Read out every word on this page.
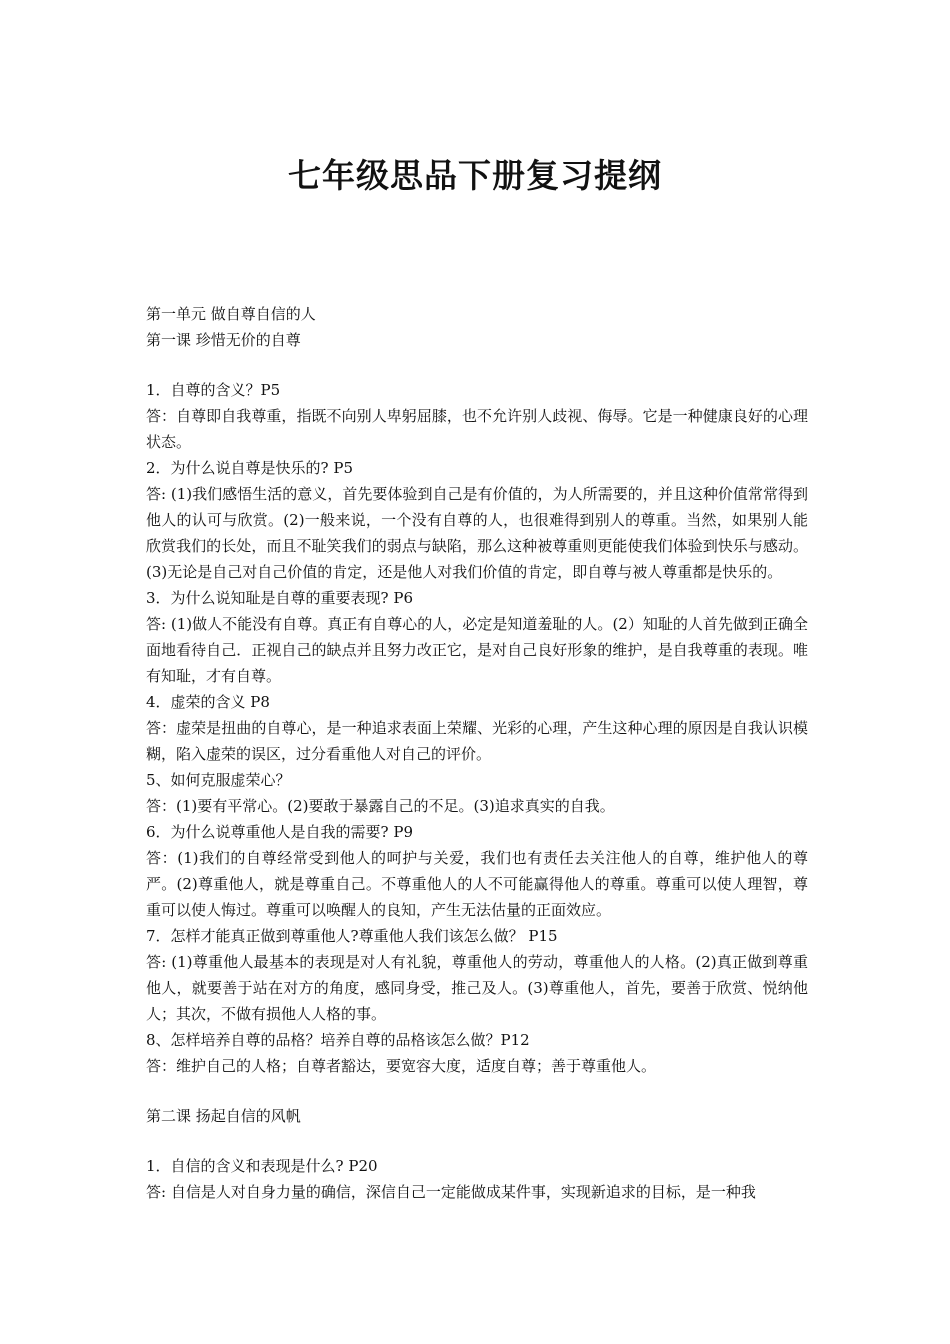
七年级思品下册复习提纲

第一单元 做自尊自信的人

第一课 珍惜无价的自尊

1．自尊的含义？P5

答：自尊即自我尊重，指既不向别人卑躬屈膝，也不允许别人歧视、侮辱。它是一种健康良好的心理状态。

2．为什么说自尊是快乐的? P5

答: (1)我们感悟生活的意义，首先要体验到自己是有价值的，为人所需要的，并且这种价值常常得到他人的认可与欣赏。(2)一般来说，一个没有自尊的人，也很难得到别人的尊重。当然，如果别人能欣赏我们的长处，而且不耻笑我们的弱点与缺陷，那么这种被尊重则更能使我们体验到快乐与感动。(3)无论是自己对自己价值的肯定，还是他人对我们价值的肯定，即自尊与被人尊重都是快乐的。

3．为什么说知耻是自尊的重要表现? P6

答: (1)做人不能没有自尊。真正有自尊心的人，必定是知道羞耻的人。(2）知耻的人首先做到正确全面地看待自己．正视自己的缺点并且努力改正它，是对自己良好形象的维护，是自我尊重的表现。唯有知耻，才有自尊。

4．虚荣的含义 P8

答：虚荣是扭曲的自尊心，是一种追求表面上荣耀、光彩的心理，产生这种心理的原因是自我认识模糊，陷入虚荣的误区，过分看重他人对自己的评价。

5、如何克服虚荣心？

答：(1)要有平常心。(2)要敢于暴露自己的不足。(3)追求真实的自我。

6．为什么说尊重他人是自我的需要? P9

答：(1)我们的自尊经常受到他人的呵护与关爱，我们也有责任去关注他人的自尊，维护他人的尊严。(2)尊重他人，就是尊重自己。不尊重他人的人不可能赢得他人的尊重。尊重可以使人理智，尊重可以使人悔过。尊重可以唤醒人的良知，产生无法估量的正面效应。

7．怎样才能真正做到尊重他人?尊重他人我们该怎么做？ P15

答: (1)尊重他人最基本的表现是对人有礼貌，尊重他人的劳动，尊重他人的人格。(2)真正做到尊重他人，就要善于站在对方的角度，感同身受，推己及人。(3)尊重他人，首先，要善于欣赏、悦纳他人；其次，不做有损他人人格的事。

8、怎样培养自尊的品格？培养自尊的品格该怎么做？P12

答：维护自己的人格；自尊者豁达，要宽容大度，适度自尊；善于尊重他人。

第二课 扬起自信的风帆

1．自信的含义和表现是什么? P20

答: 自信是人对自身力量的确信，深信自己一定能做成某件事，实现新追求的目标，是一种我
